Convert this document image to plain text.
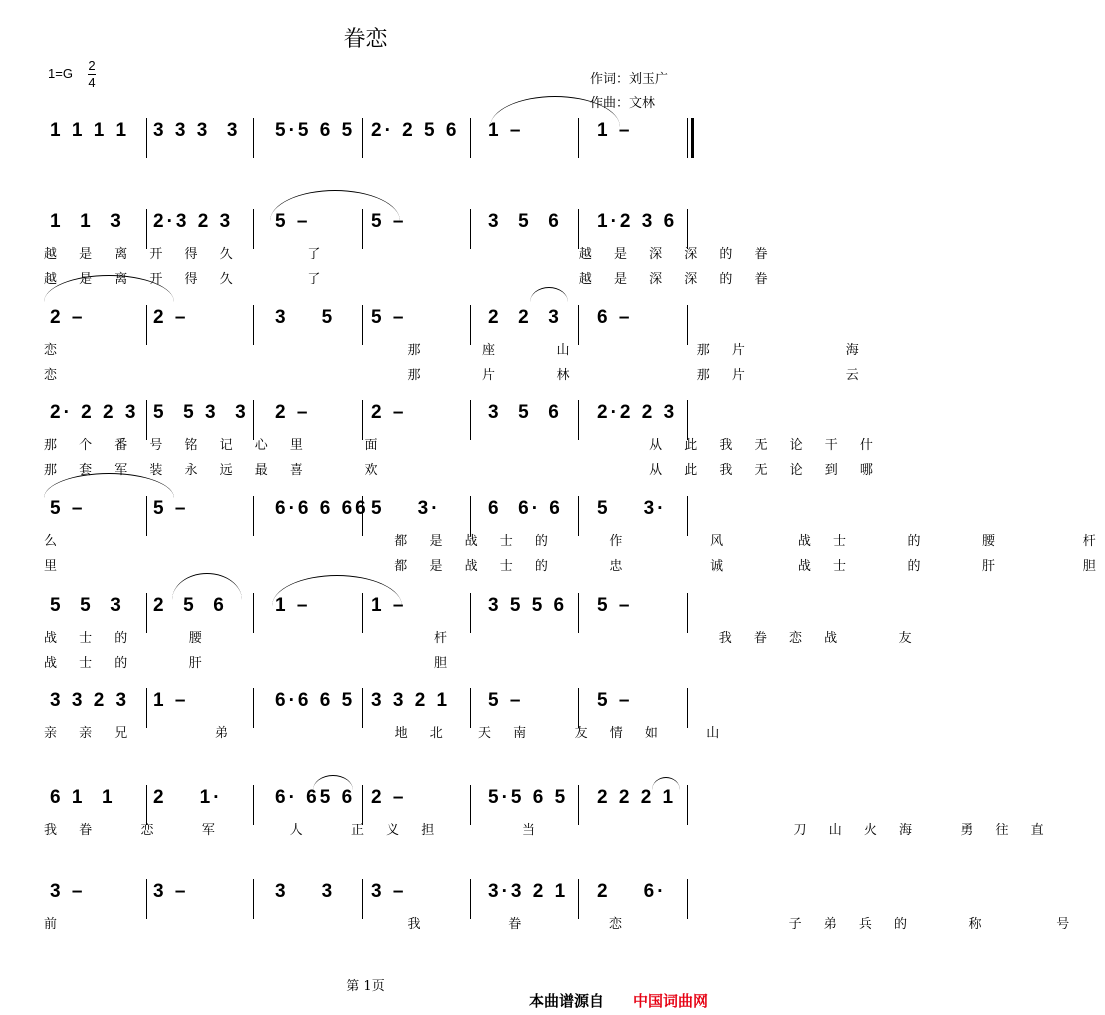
眷恋
1=G
2
4	作词：刘玉广
作曲：文林
1 1 1 1 3 3 3  3 5·5 6 5 2· 2 5 6 1 –	1 –
1  1  3 2·3 2 3 5 –	5 –	3  5  6 1·2 3 6
越 是 离 开 得 久     了                   越 是 深 深 的 眷
越 是 离 开 得 久     了                   越 是 深 深 的 眷
2 –	2 –	3    5 5 –	2  2  3 6 –
恋                          那    座    山         那 片       海
恋                          那    片    林         那 片       云
2· 2 2 3 5  5 3  3 2 –	2 –	3  5  6 2·2 2 3
那 个 番 号 铭 记 心 里    面                    从 此 我 无 论 干 什
那 套 军 装 永 远 最 喜    欢                    从 此 我 无 论 到 哪
5 –	5 –	6·6 6 66 5    3· 6  6· 6 5    3·
么                         都 是 战 士 的    作      风     战 士    的    腰      杆
里                         都 是 战 士 的    忠      诚     战 士    的    肝      胆
5  5  3 2  5  6	1 –	1 –	3 5 5 6 5 –
战 士 的    腰                 杆                    我 眷 恋 战    友
战 士 的    肝                 胆
3 3 2 3 1 –	6·6 6 5 3 3 2 1 5 –	5 –
亲 亲 兄      弟            地 北  天 南   友 情 如   山
6 1  1 2    1·	6· 65 6 2 –	5·5 6 5 2 2 2 1
我 眷   恋   军     人   正 义 担      当                   刀 山 火 海   勇 往 直
3 –	3 –	3    3 3 –	3·3 2 1 2    6·
前                          我      眷      恋            子 弟 兵 的    称     号
第 1页
本曲谱源自 中国词曲网
